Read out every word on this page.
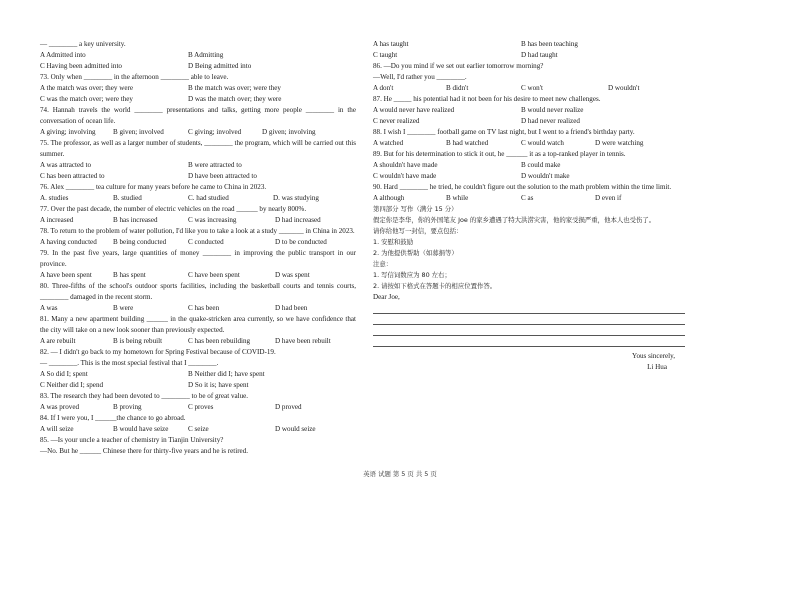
— ________ a key university.
A Admitted into	B Admitting
C Having been admitted into	D Being admitted into
73. Only when ________ in the afternoon ________ able to leave.
A the match was over; they were	B the match was over; were they
C was the match over; were they	D was the match over; they were
74. Hannah travels the world ________ presentations and talks, getting more people ________ in the conversation of ocean life.
A giving; involving B given; involved	C giving; involved	D given; involving
75. The professor, as well as a larger number of students, ________ the program, which will be carried out this summer.
A was attracted to	B were attracted to
C has been attracted to	D have been attracted to
76. Alex ________ tea culture for many years before he came to China in 2023.
A. studies	B. studied	C. had studied	D. was studying
77. Over the past decade, the number of electric vehicles on the road ______ by nearly 800%.
A increased	B has increased	C was increasing	D had increased
78. To return to the problem of water pollution, I'd like you to take a look at a study _______ in China in 2023.
A having conducted B being conducted	C conducted	D to be conducted
79. In the past five years, large quantities of money ________ in improving the public transport in our province.
A have been spent	B has spent	C have been spent	D was spent
80. Three-fifths of the school's outdoor sports facilities, including the basketball courts and tennis courts, ________ damaged in the recent storm.
A was	B were	C has been	D had been
81. Many a new apartment building ______ in the quake-stricken area currently, so we have confidence that the city will take on a new look sooner than previously expected.
A are rebuilt	B is being rebuilt	C has been rebuilding	D have been rebuilt
82. — I didn't go back to my hometown for Spring Festival because of COVID-19.
— ________. This is the most special festival that I ________.
A So did I; spent	B Neither did I; have spent
C Neither did I; spend	D So it is; have spent
83. The research they had been devoted to ________ to be of great value.
A was proved	B proving	C proves	D proved
84. If I were you, I ______the chance to go abroad.
A will seize	B would have seize	C seize	D would seize
85. —Is your uncle a teacher of chemistry in Tianjin University?
—No. But he ______ Chinese there for thirty-five years and he is retired.
A has taught	B has been teaching
C taught	D had taught
86. —Do you mind if we set out earlier tomorrow morning?
—Well, I'd rather you ________.
A don't	B didn't	C won't	D wouldn't
87. He _____ his potential had it not been for his desire to meet new challenges.
A would never have realized	B would never realize
C never realized	D had never realized
88. I wish I ________ football game on TV last night, but I went to a friend's birthday party.
A watched	B had watched	C would watch	D were watching
89. But for his determination to stick it out, he ______ it as a top-ranked player in tennis.
A shouldn't have made	B could make
C wouldn't have made	D wouldn't make
90. Hard ________ he tried, he couldn't figure out the solution to the math problem within the time limit.
A although	B while	C as	D even if
第四部分 写作（满分 15 分）
假定你是李华，你的外国笔友 Joe 的家乡遭遇了特大洪涝灾害，他的家受损严重，他本人也受伤了。
请你给他写一封信，要点包括：
1. 安慰和鼓励
2. 为他提供帮助（如募捐等）
注意：
1. 写信词数应为 80 左右；
2. 请按如下格式在答题卡的相应位置作答。
Dear Joe,
Yous sincerely,
Li Hua
英语 试题 第 5 页 共 5 页
